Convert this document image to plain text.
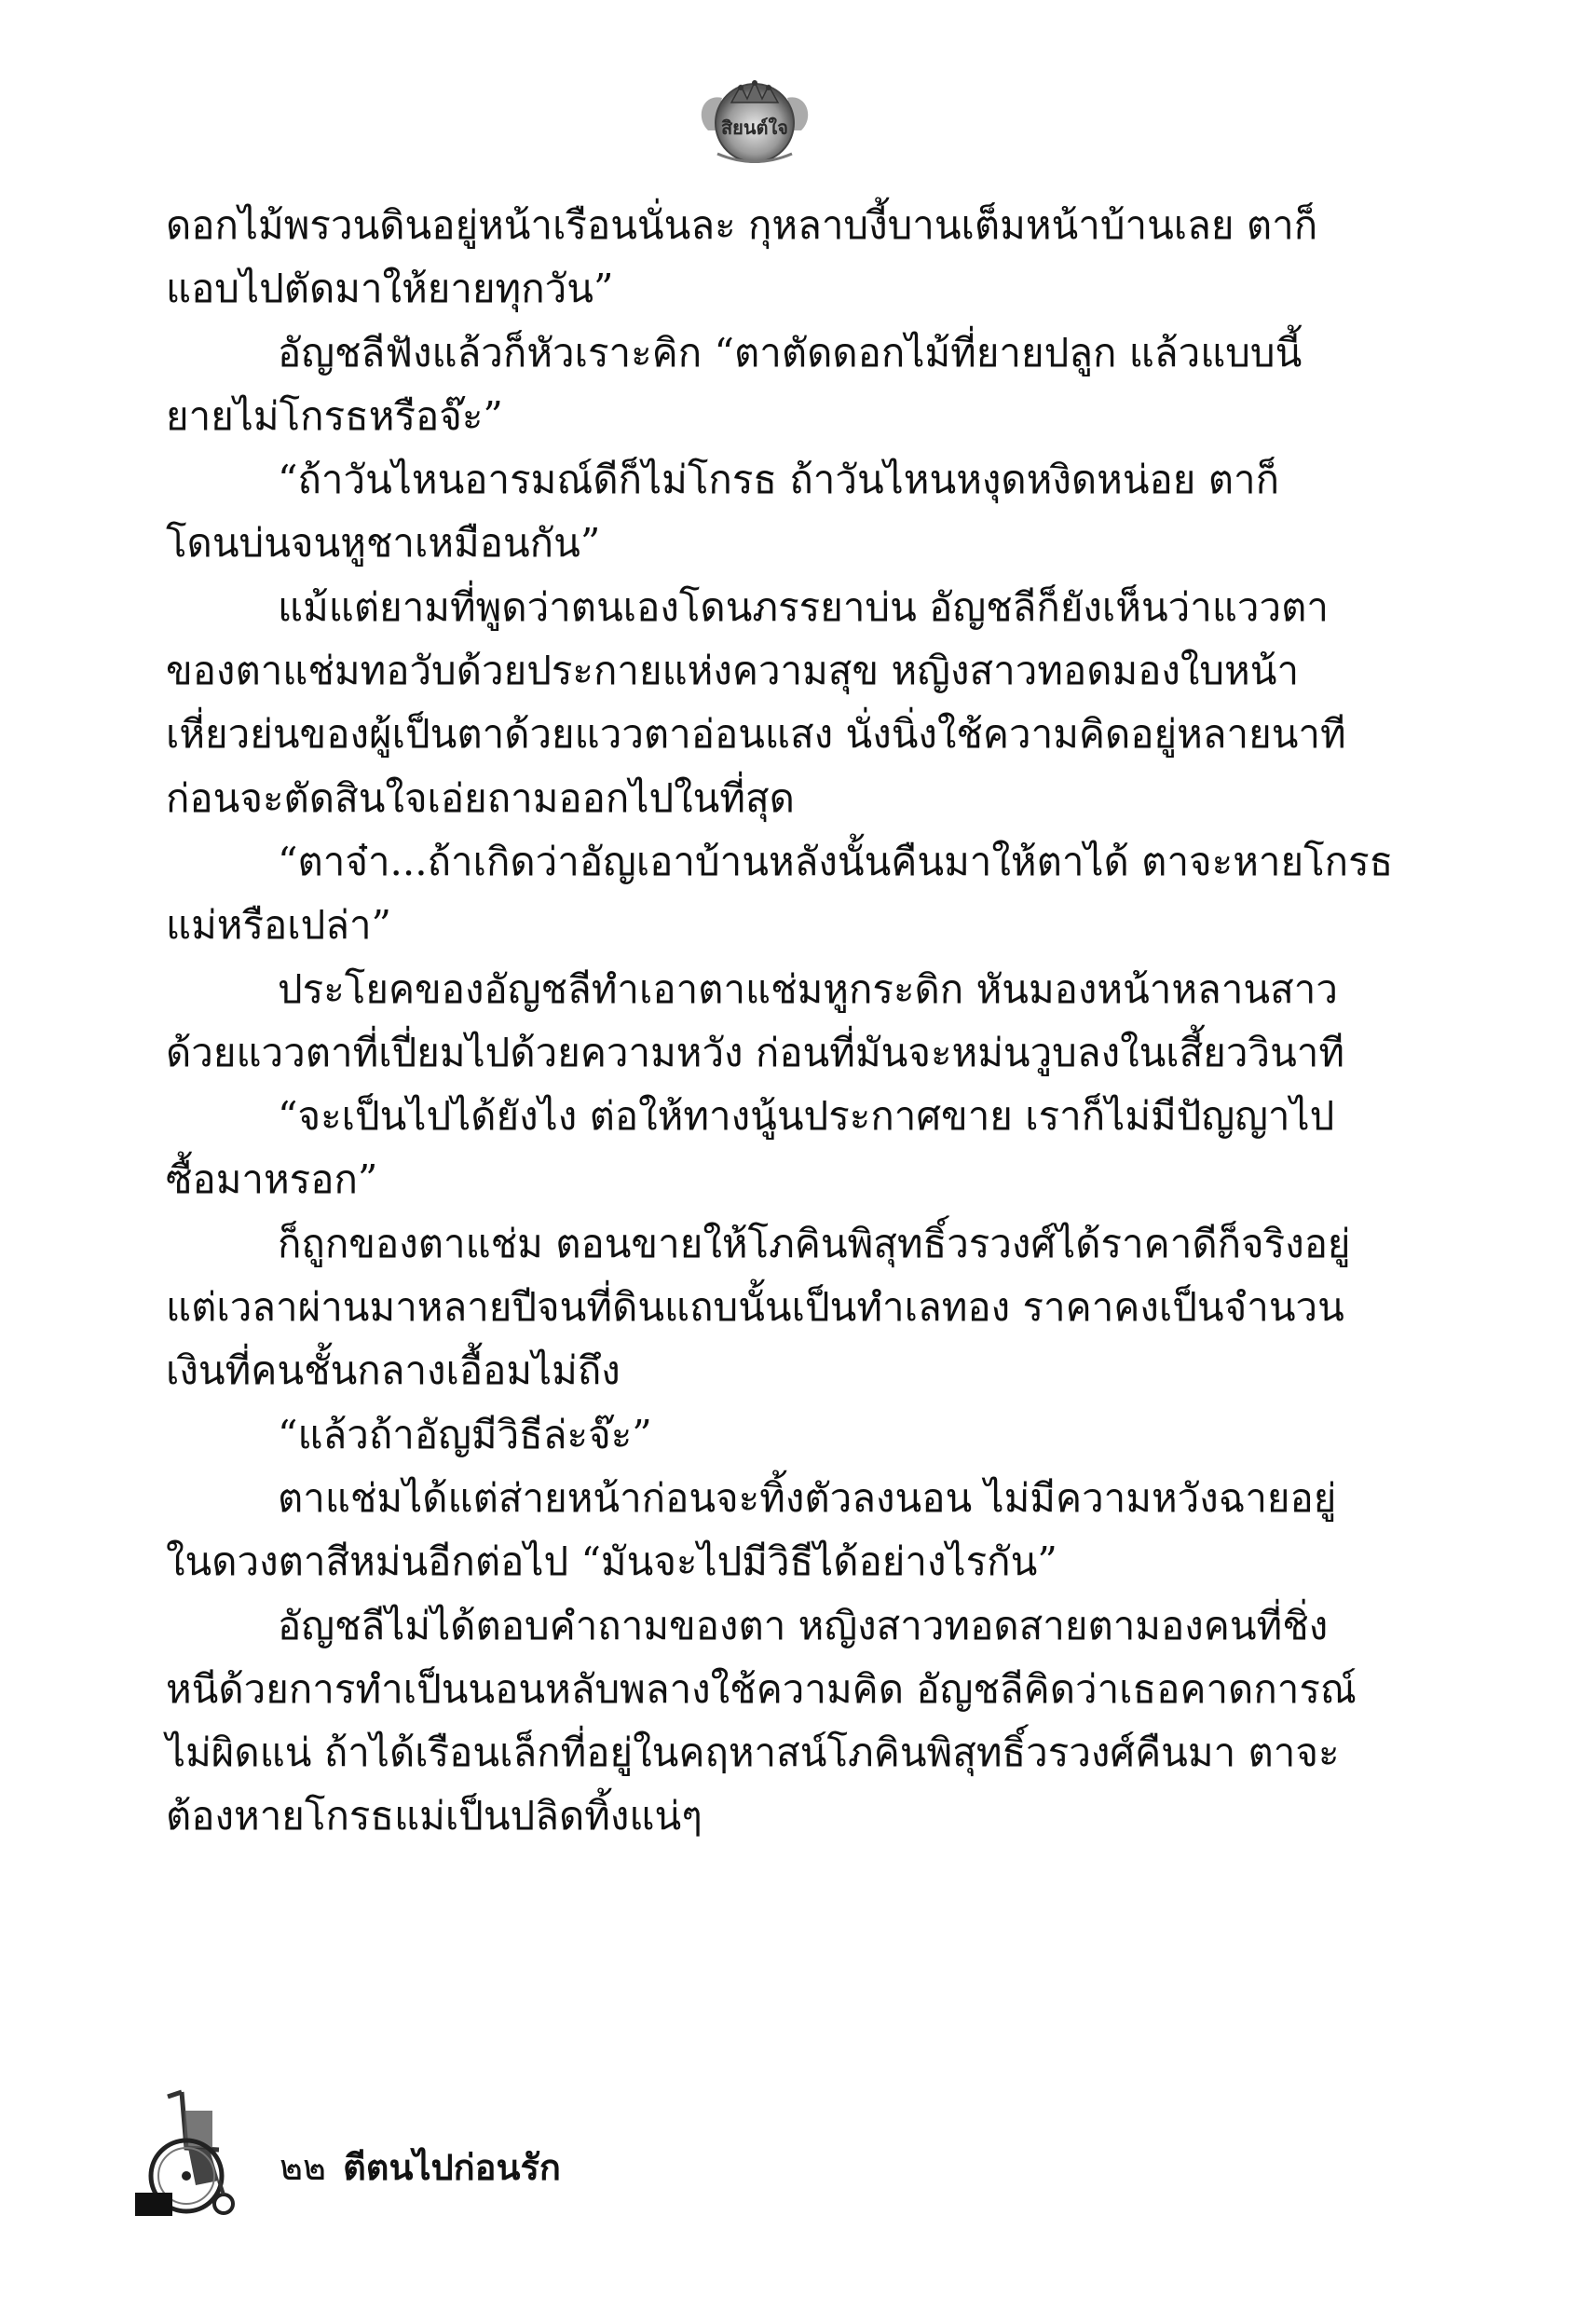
สิยนต์ใจ
ดอกไม้พรวนดินอยู่หน้าเรือนนั่นละ กุหลาบงี้บานเต็มหน้าบ้านเลย ตาก็
แอบไปตัดมาให้ยายทุกวัน”
อัญชลีฟังแล้วก็หัวเราะคิก “ตาตัดดอกไม้ที่ยายปลูก แล้วแบบนี้
ยายไม่โกรธหรือจ๊ะ”
“ถ้าวันไหนอารมณ์ดีก็ไม่โกรธ ถ้าวันไหนหงุดหงิดหน่อย ตาก็
โดนบ่นจนหูชาเหมือนกัน”
แม้แต่ยามที่พูดว่าตนเองโดนภรรยาบ่น อัญชลีก็ยังเห็นว่าแววตา
ของตาแช่มทอวับด้วยประกายแห่งความสุข หญิงสาวทอดมองใบหน้า
เหี่ยวย่นของผู้เป็นตาด้วยแววตาอ่อนแสง นั่งนิ่งใช้ความคิดอยู่หลายนาที
ก่อนจะตัดสินใจเอ่ยถามออกไปในที่สุด
“ตาจ๋า...ถ้าเกิดว่าอัญเอาบ้านหลังนั้นคืนมาให้ตาได้ ตาจะหายโกรธ
แม่หรือเปล่า”
ประโยคของอัญชลีทำเอาตาแช่มหูกระดิก หันมองหน้าหลานสาว
ด้วยแววตาที่เปี่ยมไปด้วยความหวัง ก่อนที่มันจะหม่นวูบลงในเสี้ยววินาที
“จะเป็นไปได้ยังไง ต่อให้ทางนู้นประกาศขาย เราก็ไม่มีปัญญาไป
ซื้อมาหรอก”
ก็ถูกของตาแช่ม ตอนขายให้โภคินพิสุทธิ์วรวงศ์ได้ราคาดีก็จริงอยู่
แต่เวลาผ่านมาหลายปีจนที่ดินแถบนั้นเป็นทำเลทอง ราคาคงเป็นจำนวน
เงินที่คนชั้นกลางเอื้อมไม่ถึง
“แล้วถ้าอัญมีวิธีล่ะจ๊ะ”
ตาแช่มได้แต่ส่ายหน้าก่อนจะทิ้งตัวลงนอน ไม่มีความหวังฉายอยู่
ในดวงตาสีหม่นอีกต่อไป “มันจะไปมีวิธีได้อย่างไรกัน”
อัญชลีไม่ได้ตอบคำถามของตา หญิงสาวทอดสายตามองคนที่ชิ่ง
หนีด้วยการทำเป็นนอนหลับพลางใช้ความคิด อัญชลีคิดว่าเธอคาดการณ์
ไม่ผิดแน่ ถ้าได้เรือนเล็กที่อยู่ในคฤหาสน์โภคินพิสุทธิ์วรวงศ์คืนมา ตาจะ
ต้องหายโกรธแม่เป็นปลิดทิ้งแน่ๆ
๒๒ ตีตนไปก่อนรัก
